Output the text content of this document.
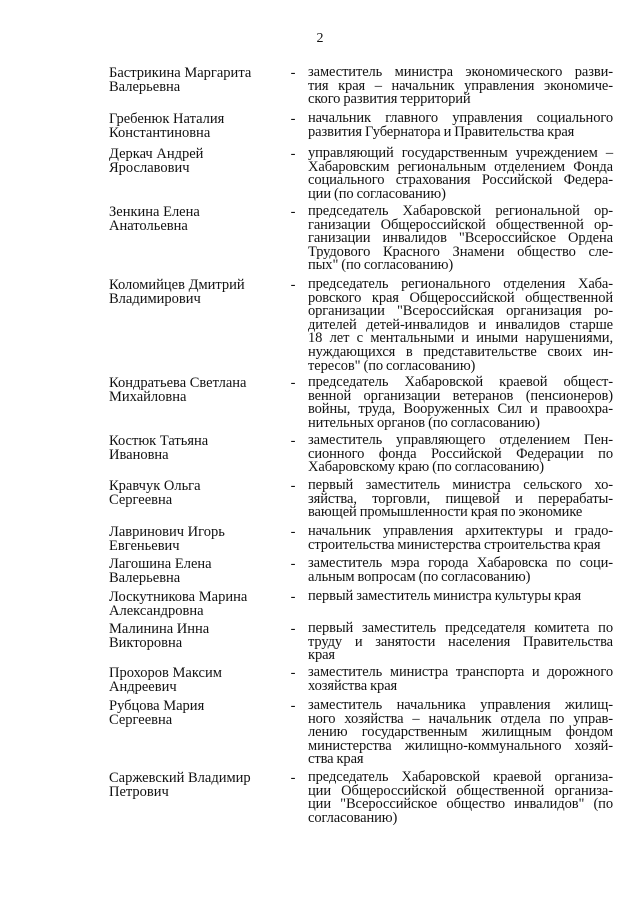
2
Бастрикина Маргарита
Валерьевна
- заместитель министра экономического разви-
тия края – начальник управления экономиче-
ского развития территорий
Гребенюк Наталия
Константиновна
- начальник главного управления социального
развития Губернатора и Правительства края
Деркач Андрей
Ярославович
- управляющий государственным учреждением –
Хабаровским региональным отделением Фонда
социального страхования Российской Федера-
ции (по согласованию)
Зенкина Елена
Анатольевна
- председатель Хабаровской региональной ор-
ганизации Общероссийской общественной ор-
ганизации инвалидов "Всероссийское Ордена
Трудового Красного Знамени общество сле-
пых" (по согласованию)
Коломийцев Дмитрий
Владимирович
- председатель регионального отделения Хаба-
ровского края Общероссийской общественной
организации "Всероссийская организация ро-
дителей детей-инвалидов и инвалидов старше
18 лет с ментальными и иными нарушениями,
нуждающихся в представительстве своих ин-
тересов" (по согласованию)
Кондратьева Светлана
Михайловна
- председатель Хабаровской краевой общест-
венной организации ветеранов (пенсионеров)
войны, труда, Вооруженных Сил и правоохра-
нительных органов (по согласованию)
Костюк Татьяна
Ивановна
- заместитель управляющего отделением Пен-
сионного фонда Российской Федерации по
Хабаровскому краю (по согласованию)
Кравчук Ольга
Сергеевна
- первый заместитель министра сельского хо-
зяйства, торговли, пищевой и перерабаты-
вающей промышленности края по экономике
Лавринович Игорь
Евгеньевич
- начальник управления архитектуры и градо-
строительства министерства строительства края
Лагошина Елена
Валерьевна
- заместитель мэра города Хабаровска по соци-
альным вопросам (по согласованию)
Лоскутникова Марина
Александровна
- первый заместитель министра культуры края
Малинина Инна
Викторовна
- первый заместитель председателя комитета по
труду и занятости населения Правительства
края
Прохоров Максим
Андреевич
- заместитель министра транспорта и дорожного
хозяйства края
Рубцова Мария
Сергеевна
- заместитель начальника управления жилищ-
ного хозяйства – начальник отдела по управ-
лению государственным жилищным фондом
министерства жилищно-коммунального хозяй-
ства края
Саржевский Владимир
Петрович
- председатель Хабаровской краевой организа-
ции Общероссийской общественной организа-
ции "Всероссийское общество инвалидов" (по
согласованию)
